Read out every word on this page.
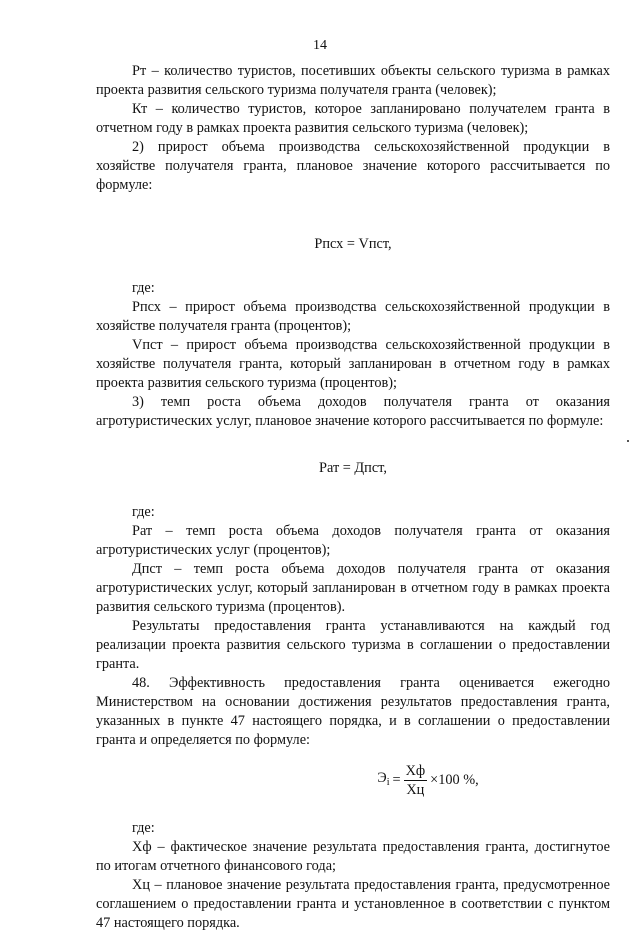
14

Рт – количество туристов, посетивших объекты сельского туризма в рамках проекта развития сельского туризма получателя гранта (человек);

Кт – количество туристов, которое запланировано получателем гранта в отчетном году в рамках проекта развития сельского туризма (человек);

2) прирост объема производства сельскохозяйственной продукции в хозяйстве получателя гранта, плановое значение которого рассчитывается по формуле:

Рпсх = Vпст,

где:

Рпсх – прирост объема производства сельскохозяйственной продукции в хозяйстве получателя гранта (процентов);

Vпст – прирост объема производства сельскохозяйственной продукции в хозяйстве получателя гранта, который запланирован в отчетном году в рамках проекта развития сельского туризма (процентов);

3) темп роста объема доходов получателя гранта от оказания агротуристических услуг, плановое значение которого рассчитывается по формуле:

Рат = Дпст,

где:

Рат – темп роста объема доходов получателя гранта от оказания агротуристических услуг (процентов);

Дпст – темп роста объема доходов получателя гранта от оказания агротуристических услуг, который запланирован в отчетном году в рамках проекта развития сельского туризма (процентов).

Результаты предоставления гранта устанавливаются на каждый год реализации проекта развития сельского туризма в соглашении о предоставлении гранта.

48. Эффективность предоставления гранта оценивается ежегодно Министерством на основании достижения результатов предоставления гранта, указанных в пункте 47 настоящего порядка, и в соглашении о предоставлении гранта и определяется по формуле:

$Э_i = \frac{Хф}{Хц} \times 100$ %,

где:

Хф – фактическое значение результата предоставления гранта, достигнутое по итогам отчетного финансового года;

Хц – плановое значение результата предоставления гранта, предусмотренное соглашением о предоставлении гранта и установленное в соответствии с пунктом 47 настоящего порядка.
